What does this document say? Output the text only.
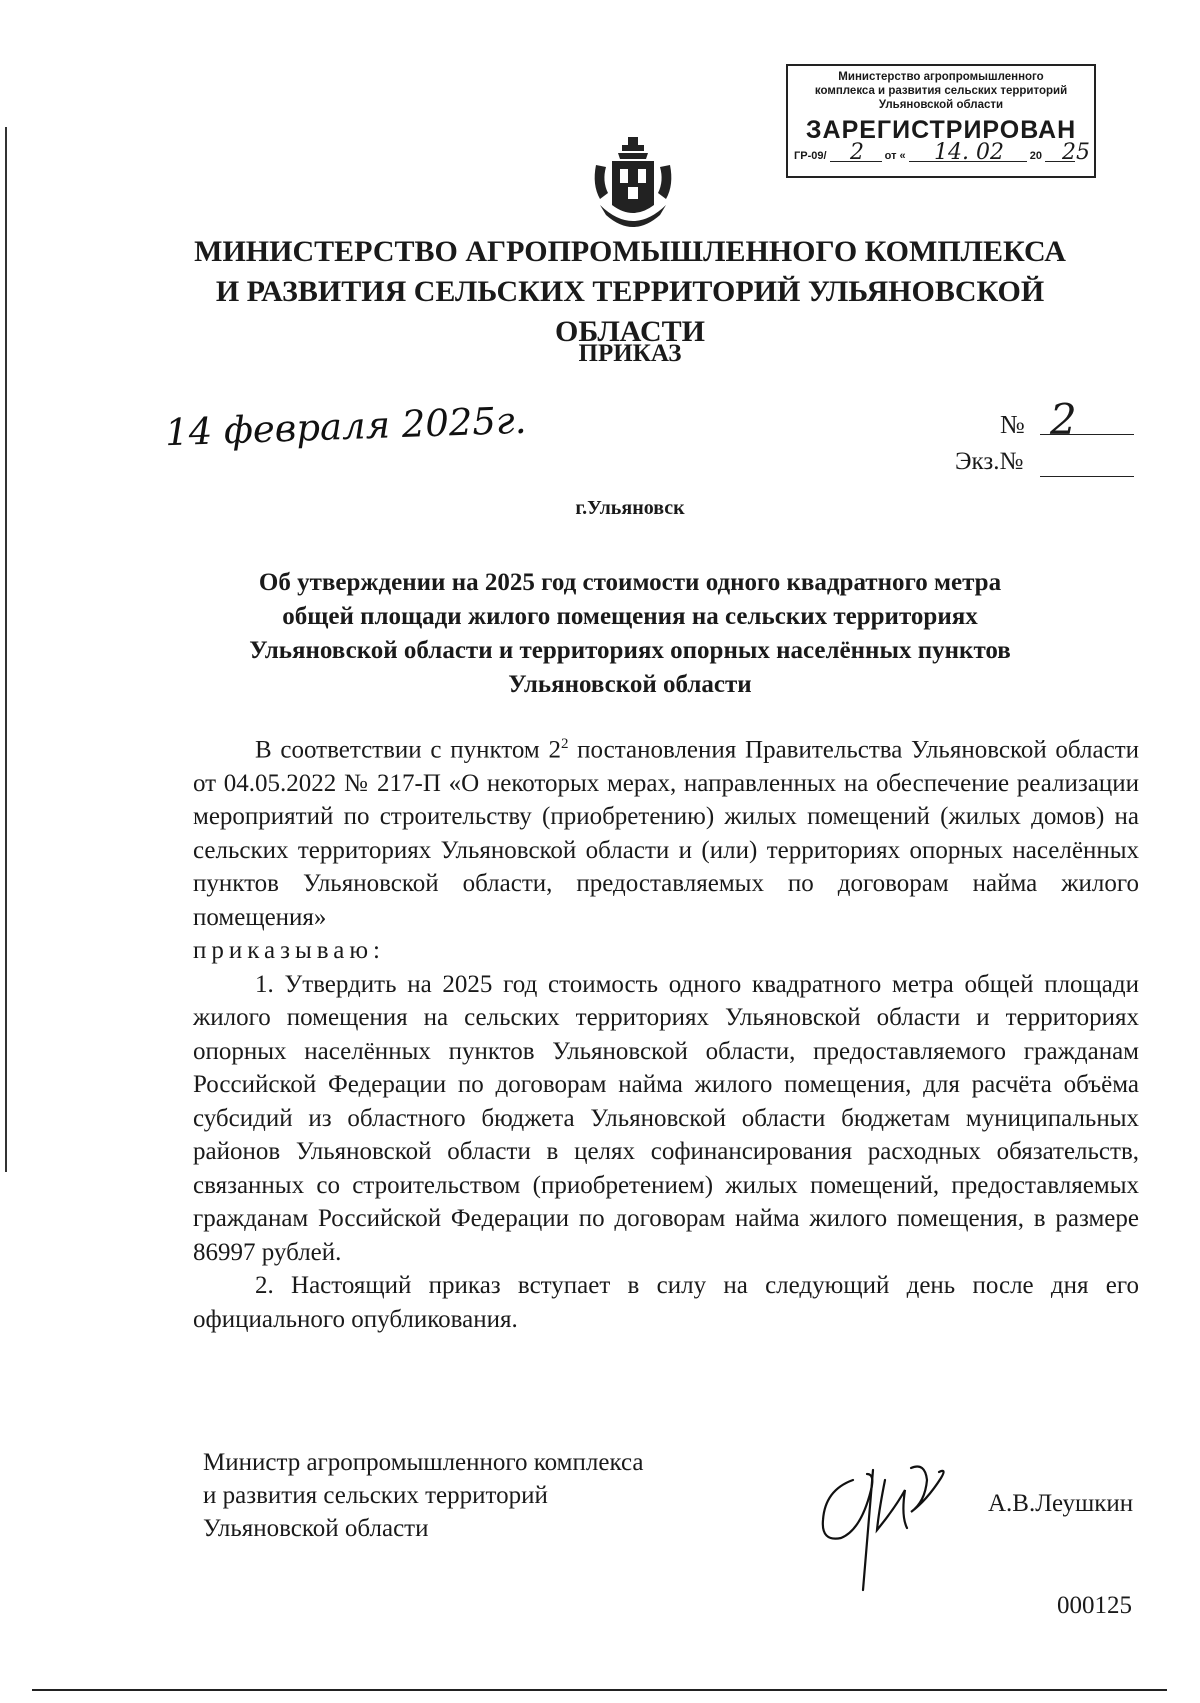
Министерство агропромышленного
комплекса и развития сельских территорий
Ульяновской области
ЗАРЕГИСТРИРОВАН
ГР-09/	от «	20
2	14. 02	25
МИНИСТЕРСТВО АГРОПРОМЫШЛЕННОГО КОМПЛЕКСА
И РАЗВИТИЯ СЕЛЬСКИХ ТЕРРИТОРИЙ УЛЬЯНОВСКОЙ ОБЛАСТИ
ПРИКАЗ
14 февраля 2025г.	№ 2
Экз.№
г.Ульяновск
Об утверждении на 2025 год стоимости одного квадратного метра
общей площади жилого помещения на сельских территориях
Ульяновской области и территориях опорных населённых пунктов
Ульяновской области

В соответствии с пунктом $2^2$ постановления Правительства Ульяновской области от 04.05.2022 № 217-П «О некоторых мерах, направленных на обеспечение реализации мероприятий по строительству (приобретению) жилых помещений (жилых домов) на сельских территориях Ульяновской области и (или) территориях опорных населённых пунктов Ульяновской области, предоставляемых по договорам найма жилого помещения»

приказываю:

1. Утвердить на 2025 год стоимость одного квадратного метра общей площади жилого помещения на сельских территориях Ульяновской области и территориях опорных населённых пунктов Ульяновской области, предоставляемого гражданам Российской Федерации по договорам найма жилого помещения, для расчёта объёма субсидий из областного бюджета Ульяновской области бюджетам муниципальных районов Ульяновской области в целях софинансирования расходных обязательств, связанных со строительством (приобретением) жилых помещений, предоставляемых гражданам Российской Федерации по договорам найма жилого помещения, в размере 86997 рублей.

2. Настоящий приказ вступает в силу на следующий день после дня его официального опубликования.

Министр агропромышленного комплекса
и развития сельских территорий
Ульяновской области
А.В.Леушкин
000125
